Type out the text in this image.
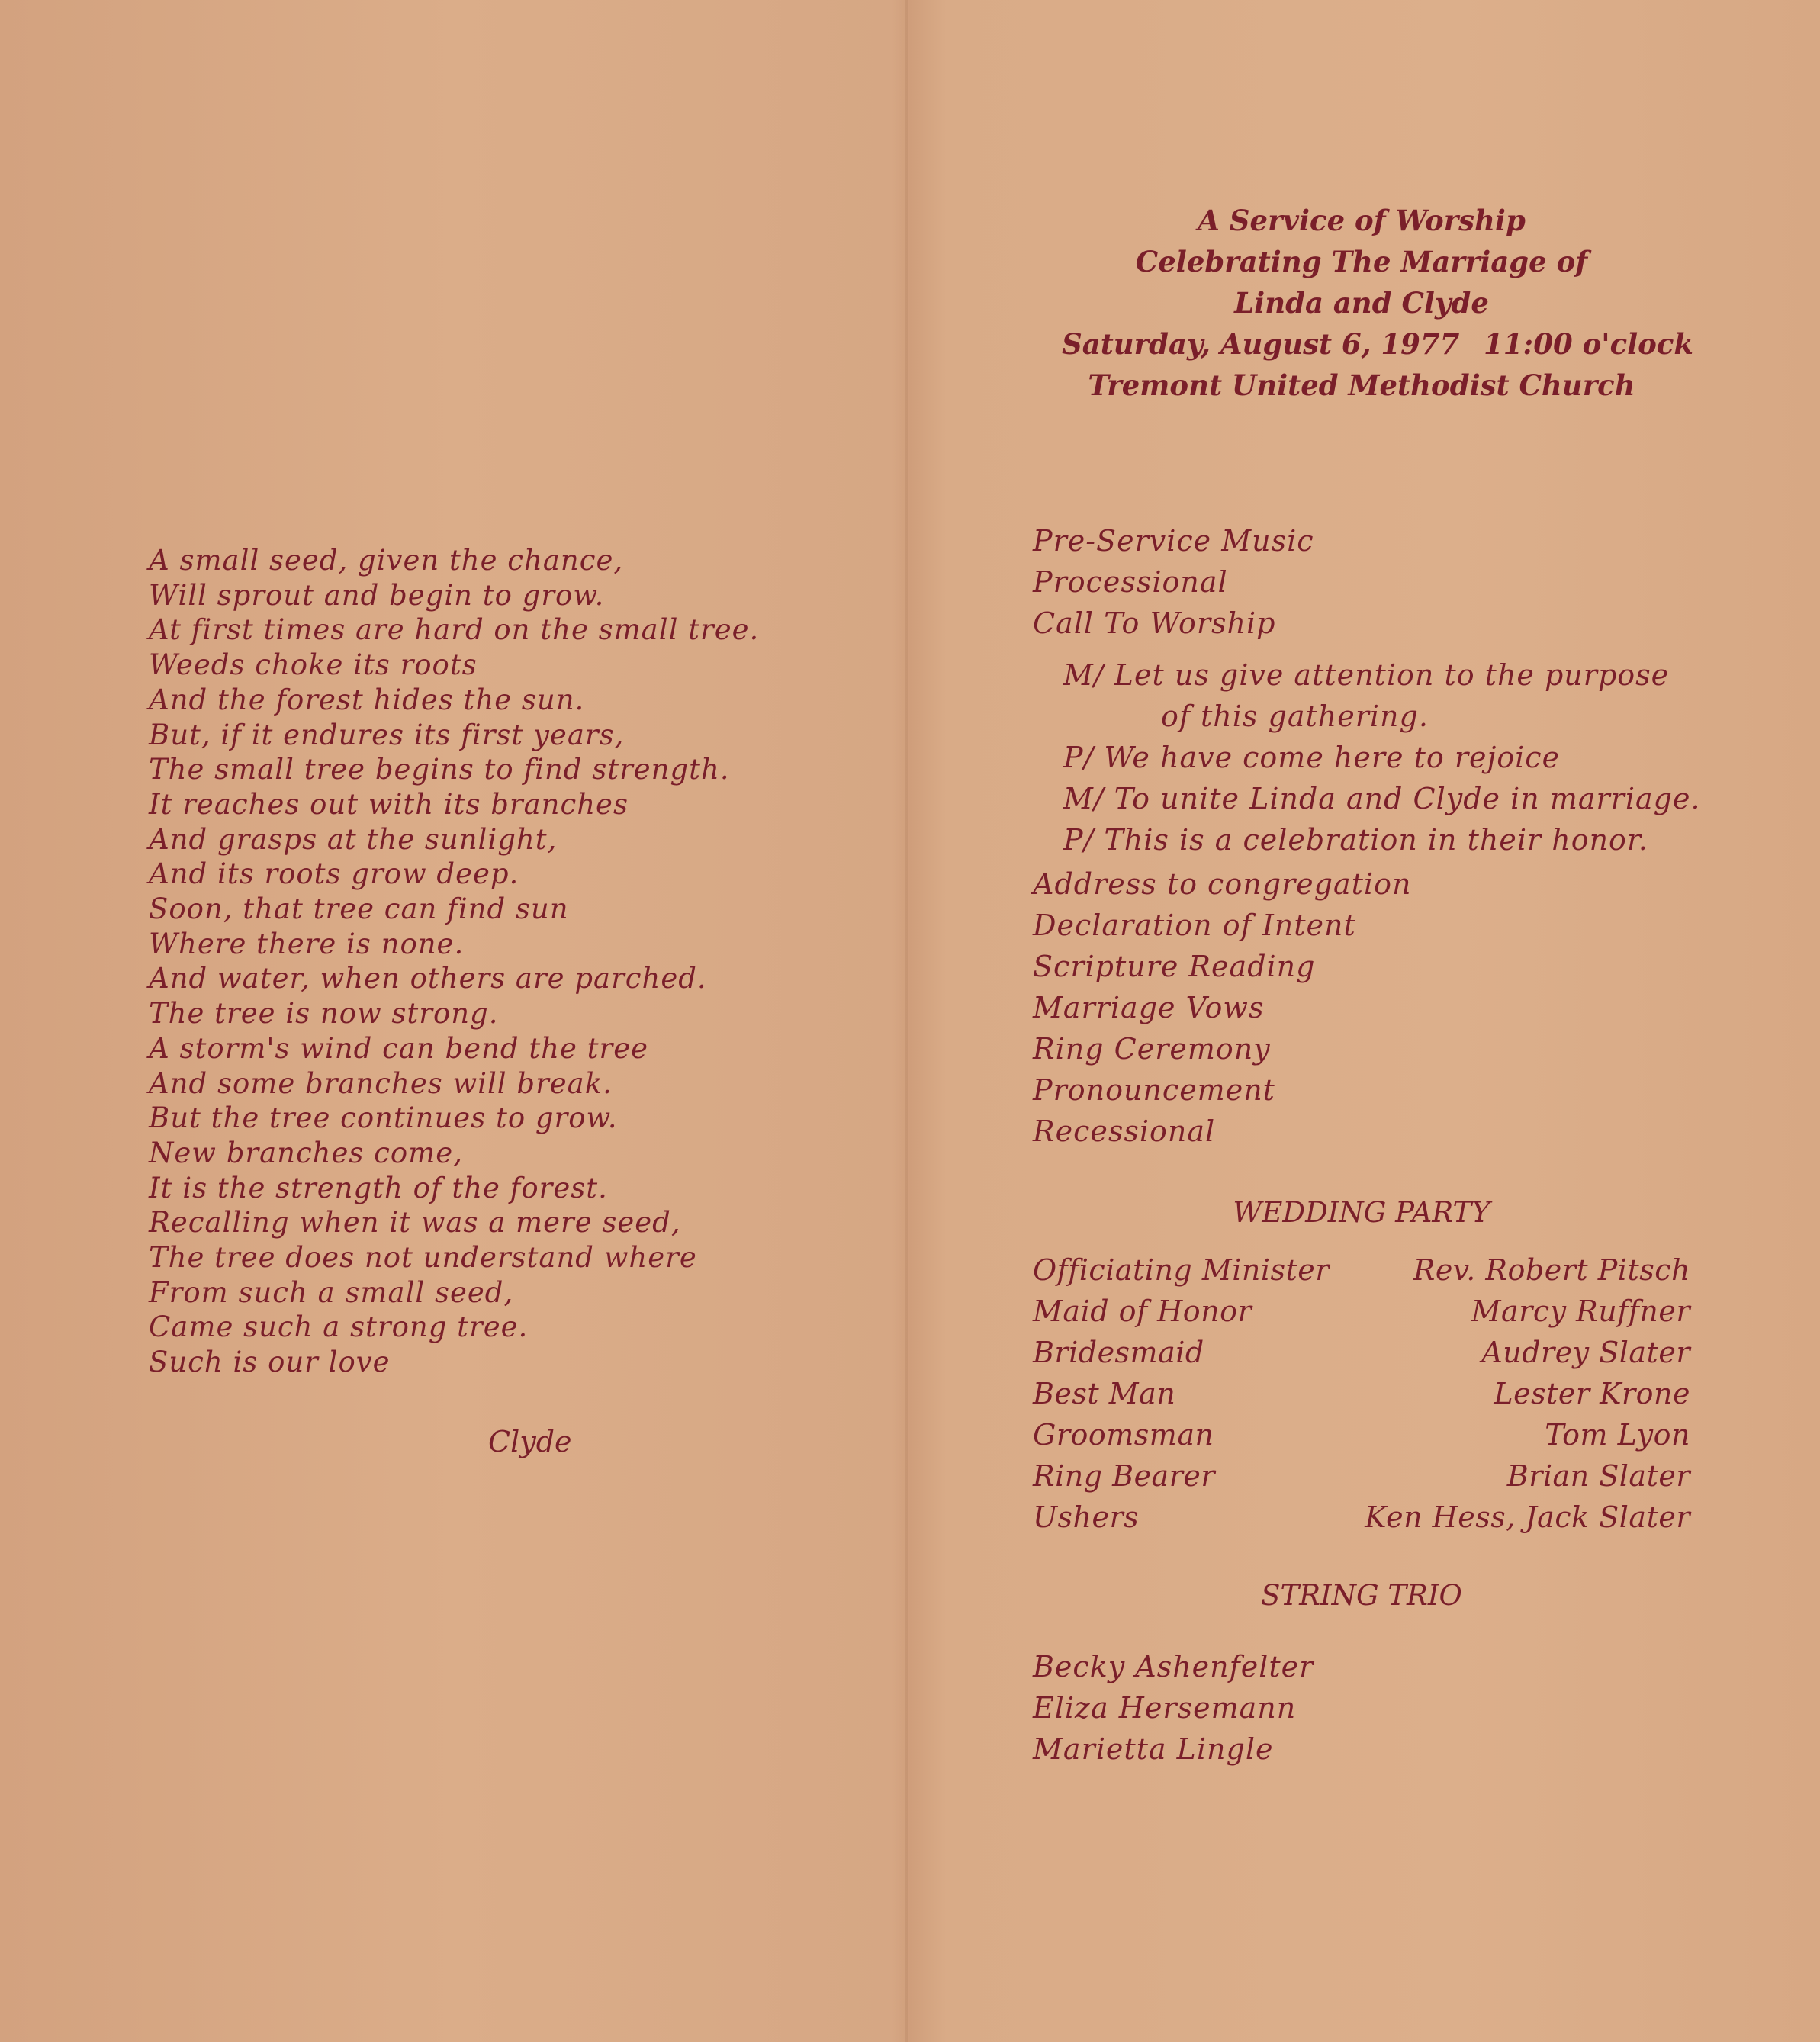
A small seed, given the chance,
Will sprout and begin to grow.
At first times are hard on the small tree.
Weeds choke its roots
And the forest hides the sun.
But, if it endures its first years,
The small tree begins to find strength.
It reaches out with its branches
And grasps at the sunlight,
And its roots grow deep.
Soon, that tree can find sun
Where there is none.
And water, when others are parched.
The tree is now strong.
A storm's wind can bend the tree
And some branches will break.
But the tree continues to grow.
New branches come,
It is the strength of the forest.
Recalling when it was a mere seed,
The tree does not understand where
From such a small seed,
Came such a strong tree.
Such is our love
Clyde
A Service of Worship
Celebrating The Marriage of
Linda and Clyde
Saturday, August 6, 1977 11:00 o'clock
Tremont United Methodist Church
Pre-Service Music
Processional
Call To Worship
M/ Let us give attention to the purpose
of this gathering.
P/ We have come here to rejoice
M/ To unite Linda and Clyde in marriage.
P/ This is a celebration in their honor.
Address to congregation
Declaration of Intent
Scripture Reading
Marriage Vows
Ring Ceremony
Pronouncement
Recessional
WEDDING PARTY
Officiating Minister	Rev. Robert Pitsch
Maid of Honor	Marcy Ruffner
Bridesmaid	Audrey Slater
Best Man	Lester Krone
Groomsman	Tom Lyon
Ring Bearer	Brian Slater
Ushers	Ken Hess, Jack Slater
STRING TRIO
Becky Ashenfelter
Eliza Hersemann
Marietta Lingle
